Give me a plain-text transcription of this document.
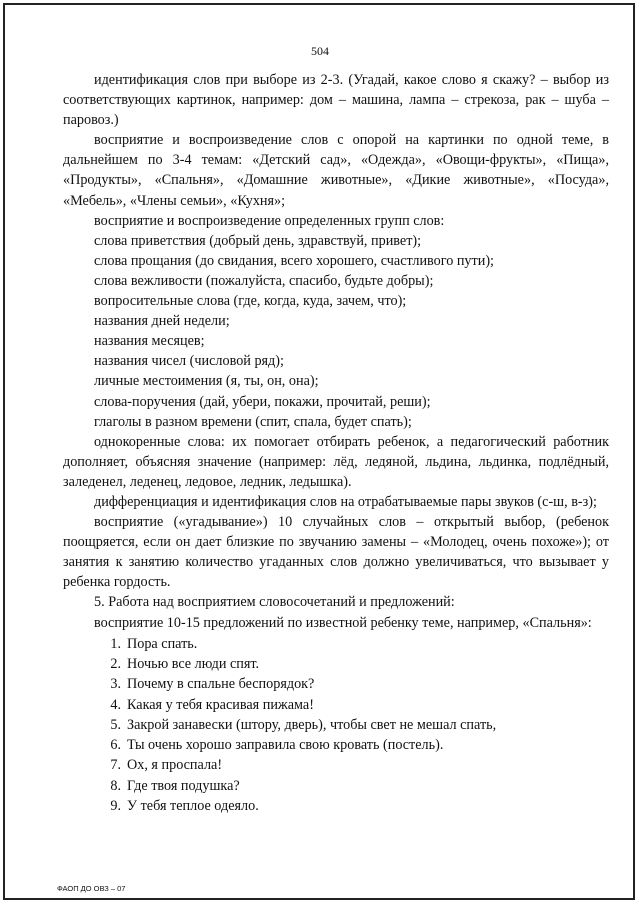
504

идентификация слов при выборе из 2-3. (Угадай, какое слово я скажу? – выбор из соответствующих картинок, например: дом – машина, лампа – стрекоза, рак – шуба – паровоз.)

восприятие и воспроизведение слов с опорой на картинки по одной теме, в дальнейшем по 3-4 темам: «Детский сад», «Одежда», «Овощи-фрукты», «Пища», «Продукты», «Спальня», «Домашние животные», «Дикие животные», «Посуда», «Мебель», «Члены семьи», «Кухня»;

восприятие и воспроизведение определенных групп слов:

слова приветствия (добрый день, здравствуй, привет);

слова прощания (до свидания, всего хорошего, счастливого пути);

слова вежливости (пожалуйста, спасибо, будьте добры);

вопросительные слова (где, когда, куда, зачем, что);

названия дней недели;

названия месяцев;

названия чисел (числовой ряд);

личные местоимения (я, ты, он, она);

слова-поручения (дай, убери, покажи, прочитай, реши);

глаголы в разном времени (спит, спала, будет спать);

однокоренные слова: их помогает отбирать ребенок, а педагогический работник дополняет, объясняя значение (например: лёд, ледяной, льдина, льдинка, подлёдный, заледенел, леденец, ледовое, ледник, ледышка).

дифференциация и идентификация слов на отрабатываемые пары звуков (с-ш, в-з);

восприятие («угадывание») 10 случайных слов – открытый выбор, (ребенок поощряется, если он дает близкие по звучанию замены – «Молодец, очень похоже»); от занятия к занятию количество угаданных слов должно увеличиваться, что вызывает у ребенка гордость.

5. Работа над восприятием словосочетаний и предложений:

восприятие 10-15 предложений по известной ребенку теме, например, «Спальня»:

1. Пора спать.
2. Ночью все люди спят.
3. Почему в спальне беспорядок?
4. Какая у тебя красивая пижама!
5. Закрой занавески (штору, дверь), чтобы свет не мешал спать,
6. Ты очень хорошо заправила свою кровать (постель).
7. Ох, я проспала!
8. Где твоя подушка?
9. У тебя теплое одеяло.
ФАОП ДО ОВЗ – 07
